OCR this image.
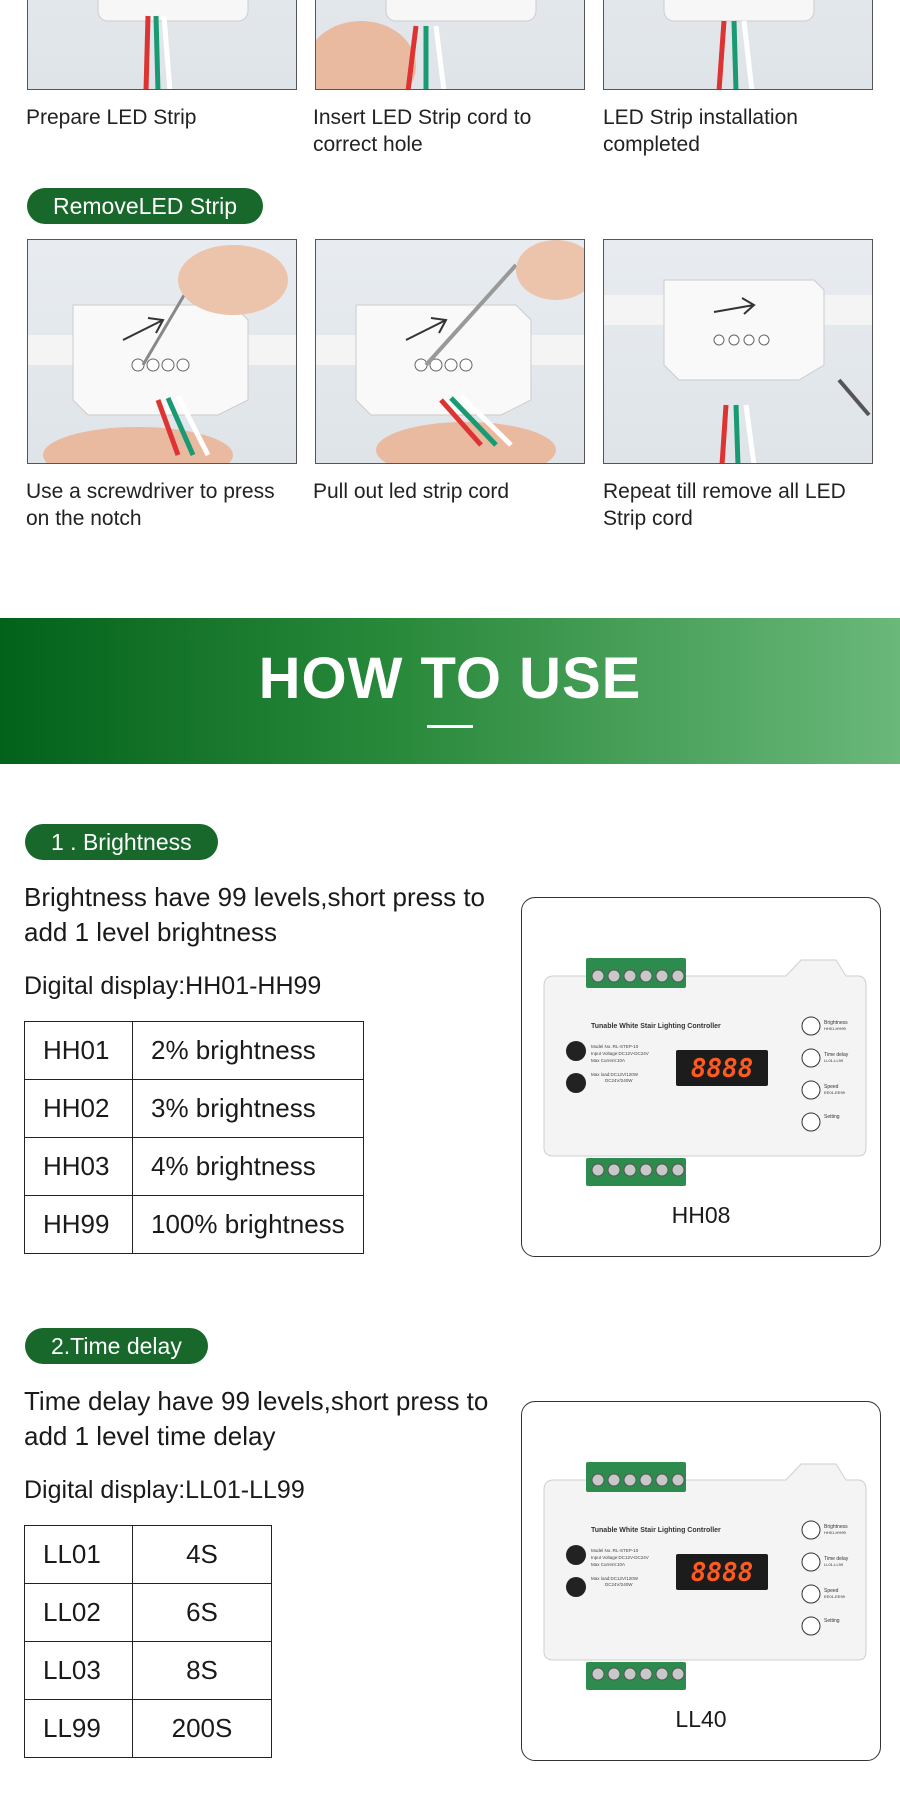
Prepare LED Strip	Insert LED Strip cord to correct hole
LED Strip installation completed
RemoveLED Strip
Use a screwdriver to press on the notch
Pull out led strip cord	Repeat till remove all LED Strip cord
HOW TO USE
1 . Brightness
Brightness have 99 levels,short press to add 1 level brightness
Digital display:HH01-HH99
HH01	2% brightness
HH02	3% brightness
HH03	4% brightness
HH99	100% brightness
Tunable White Stair Lighting Controller
Model No.:RL-STEP-10
Input Voltage:DC12V-DC24V
Max Current:10A
Max load:DC12V/120W
DC24V/240W 8888
Brightness
HH01-HH99
Time delay
LL01-LL99
Speed
EE01-EE99
Setting
HH08
2.Time delay
Time delay have 99 levels,short press to add 1 level time delay
Digital display:LL01-LL99
LL01	4S
LL02	6S
LL03	8S
LL99	200S
Tunable White Stair Lighting Controller
Model No.:RL-STEP-10
Input Voltage:DC12V-DC24V
Max Current:10A
Max load:DC12V/120W
DC24V/240W 8888
Brightness
HH01-HH99
Time delay
LL01-LL99
Speed
EE01-EE99
Setting
LL40
